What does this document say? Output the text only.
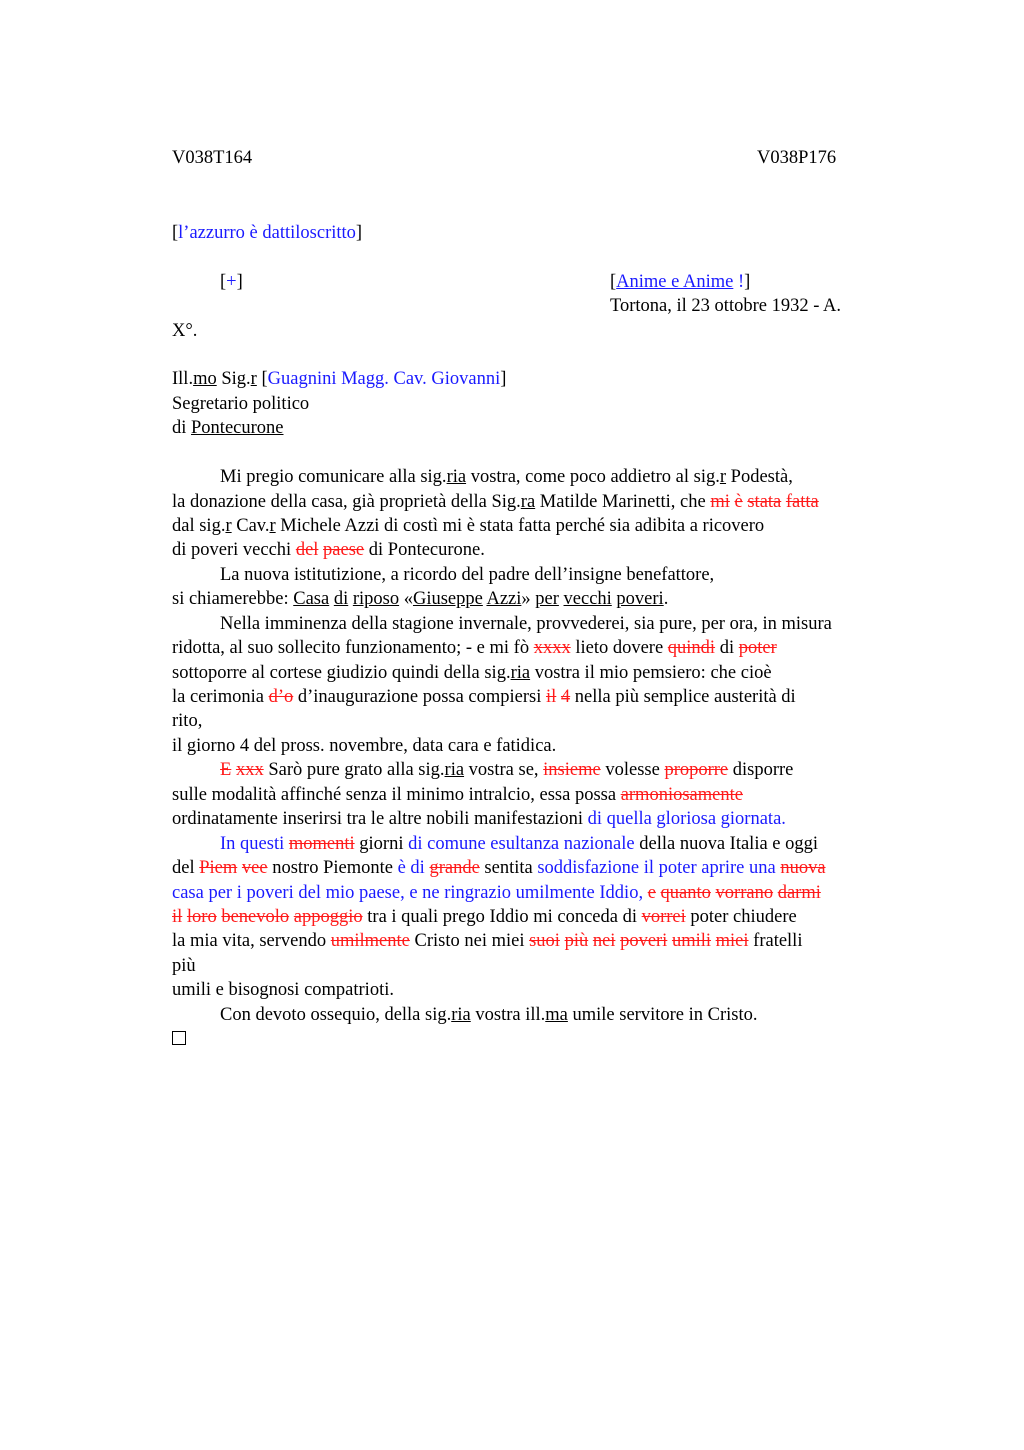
V038T164	V038P176
[l’azzurro è dattiloscritto]
[+]	[Anime e Anime !]
Tortona, il 23 ottobre 1932 - A.
X°.
Ill.mo Sig.r [Guagnini Magg. Cav. Giovanni]
Segretario politico
di Pontecurone
Mi pregio comunicare alla sig.ria vostra, come poco addietro al sig.r Podestà,
la donazione della casa, già proprietà della Sig.ra Matilde Marinetti, che mi è stata fatta
dal sig.r Cav.r Michele Azzi di costì mi è stata fatta perché sia adibita a ricovero
di poveri vecchi del paese di Pontecurone.
La nuova istitutizione, a ricordo del padre dell’insigne benefattore,
si chiamerebbe: Casa di riposo «Giuseppe Azzi» per vecchi poveri.
Nella imminenza della stagione invernale, provvederei, sia pure, per ora, in misura
ridotta, al suo sollecito funzionamento; - e mi fò xxxx lieto dovere quindi di poter
sottoporre al cortese giudizio quindi della sig.ria vostra il mio pemsiero: che cioè
la cerimonia d’o d’inaugurazione possa compiersi il 4 nella più semplice austerità di
rito,
il giorno 4 del pross. novembre, data cara e fatidica.
E xxx Sarò pure grato alla sig.ria vostra se, insieme volesse proporre disporre
sulle modalità affinché senza il minimo intralcio, essa possa armoniosamente
ordinatamente inserirsi tra le altre nobili manifestazioni di quella gloriosa giornata.
In questi momenti giorni di comune esultanza nazionale della nuova Italia e oggi
del Piem vee nostro Piemonte è di grande sentita soddisfazione il poter aprire una nuova
casa per i poveri del mio paese, e ne ringrazio umilmente Iddio, e quanto vorrano darmi
il loro benevolo appoggio tra i quali prego Iddio mi conceda di vorrei poter chiudere
la mia vita, servendo umilmente Cristo nei miei suoi più nei poveri umili miei fratelli
più
umili e bisognosi compatrioti.
Con devoto ossequio, della sig.ria vostra ill.ma umile servitore in Cristo.
